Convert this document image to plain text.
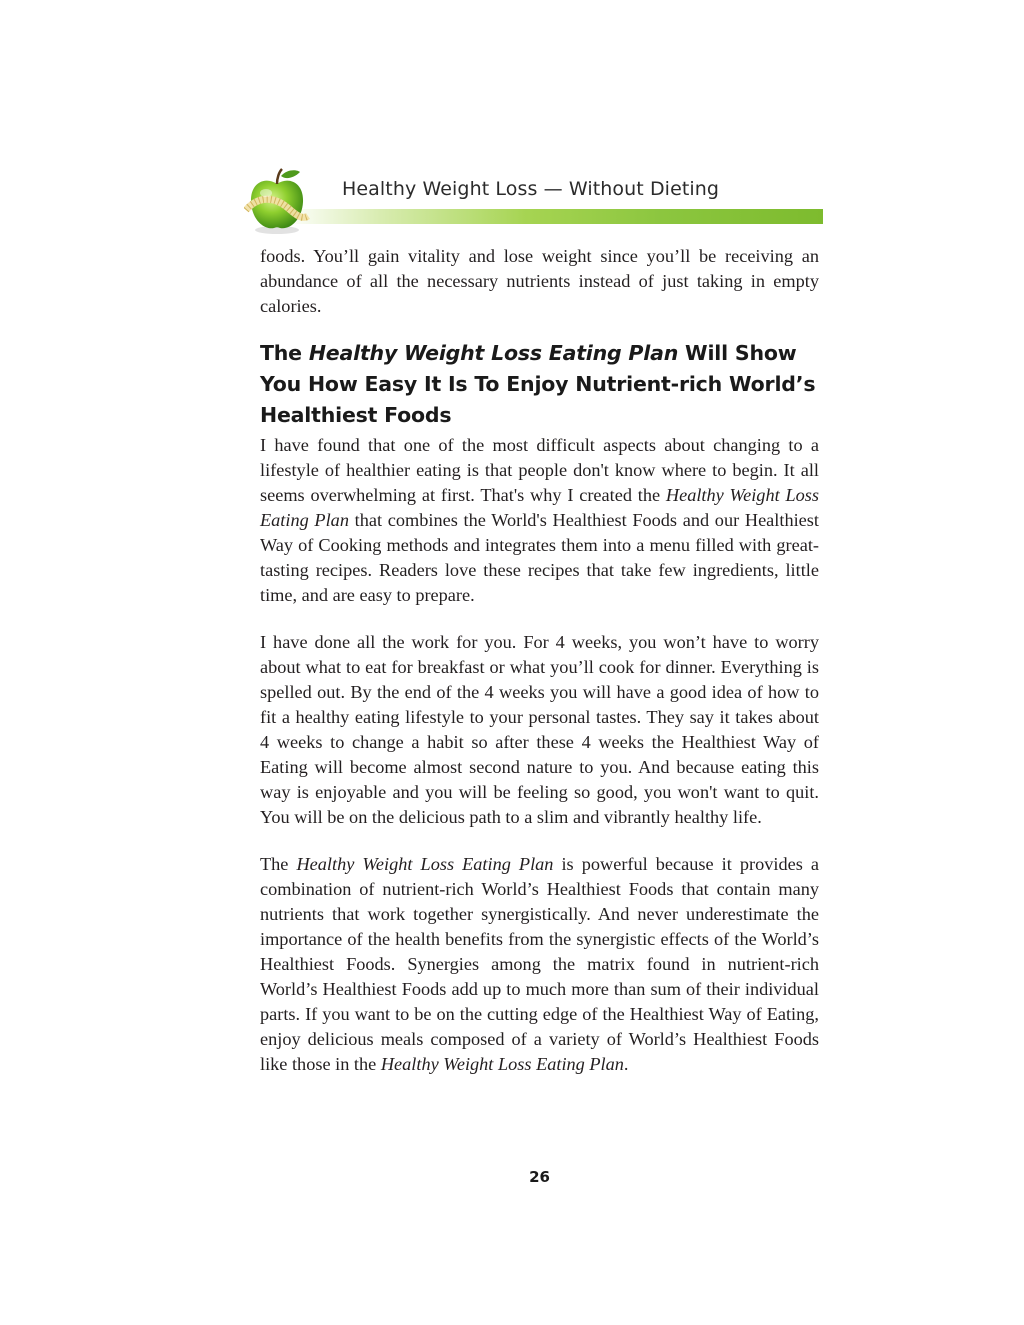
Healthy Weight Loss — Without Dieting

foods. You’ll gain vitality and lose weight since you’ll be receiving an abundance of all the necessary nutrients instead of just taking in empty calories.

The Healthy Weight Loss Eating Plan Will Show You How Easy It Is To Enjoy Nutrient-rich World’s Healthiest Foods

I have found that one of the most difficult aspects about changing to a lifestyle of healthier eating is that people don't know where to begin. It all seems overwhelming at first. That's why I created the Healthy Weight Loss Eating Plan that combines the World's Healthiest Foods and our Healthiest Way of Cooking methods and integrates them into a menu filled with great-tasting recipes. Readers love these recipes that take few ingredients, little time, and are easy to prepare.

I have done all the work for you. For 4 weeks, you won’t have to worry about what to eat for breakfast or what you’ll cook for dinner. Everything is spelled out. By the end of the 4 weeks you will have a good idea of how to fit a healthy eating lifestyle to your personal tastes. They say it takes about 4 weeks to change a habit so after these 4 weeks the Healthiest Way of Eating will become almost second nature to you. And because eating this way is enjoyable and you will be feeling so good, you won't want to quit. You will be on the delicious path to a slim and vibrantly healthy life.

The Healthy Weight Loss Eating Plan is powerful because it provides a combination of nutrient-rich World’s Healthiest Foods that contain many nutrients that work together synergistically. And never underestimate the importance of the health benefits from the synergistic effects of the World’s Healthiest Foods. Synergies among the matrix found in nutrient-rich World’s Healthiest Foods add up to much more than sum of their individual parts. If you want to be on the cutting edge of the Healthiest Way of Eating, enjoy delicious meals composed of a variety of World’s Healthiest Foods like those in the Healthy Weight Loss Eating Plan.

26
